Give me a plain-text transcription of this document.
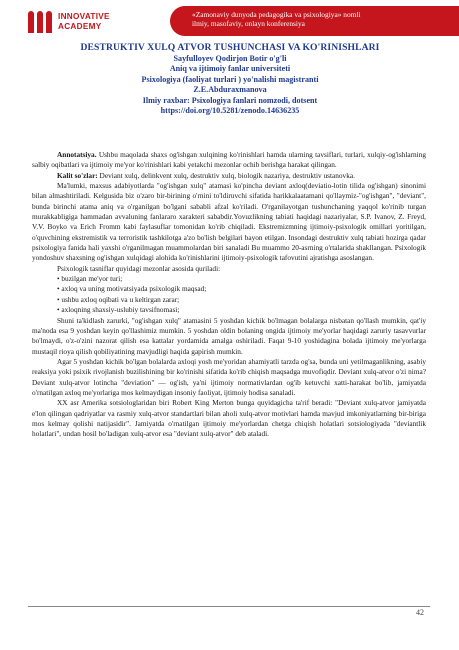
INNOVATIVE
ACADEMY
«Zamonaviy dunyoda pedagogika va psixologiya» nomli
ilmiy, masofaviy, onlayn konferensiya
DESTRUKTIV XULQ ATVOR TUSHUNCHASI VA KO'RINISHLARI
Sayfulloyev Qodirjon Botir o'g'li
Aniq va ijtimoiy fanlar universiteti
Psixologiya (faoliyat turlari ) yo'nalishi magistranti
Z.E.Abduraxmanova
Ilmiy raxbar: Psixologiya fanlari nomzodi, dotsent
https://doi.org/10.5281/zenodo.14636235

Annotatsiya. Ushbu maqolada shaxs og'ishgan xulqining ko'rinishlari hamda ularning tavsiflari, turlari, xulqiy-og'ishlarning salbiy oqibatlari va ijtimoiy me'yor ko'rinishlari kabi yetakchi mezonlar ochib berishga harakat qilingan.

Kalit so'zlar: Deviant xulq, delinkvent xulq, destruktiv xulq, biologik nazariya, destruktiv ustanovka.

Ma'lumki, maxsus adabiyotlarda "og'ishgan xulq" atamasi ko'pincha deviant axloq(deviatio-lotin tilida og'ishgan) sinonimi bilan almashtiriladi. Kelgusida biz o'zaro bir-birining o'rnini to'ldiruvchi sifatida harikkalaatamani qo'llaymiz-"og'ishgan", "deviant", bunda birinchi atama aniq va o'rganilgan bo'lgani sababli afzal ko'riladi. O'rganilayotgan tushunchaning yaqqol ko'rinib turgan murakkabligiga hammadan avvaluning fanlararo xarakteri sababdir.Yovuzlikning tabiati haqidagi nazariyalar, S.P. Ivanov, Z. Freyd, V.V. Boyko va Erich Fromm kabi faylasuflar tomonidan ko'rib chiqiladi. Ekstremizmning ijtimoiy-psixologik omillari yoritilgan, o'quvchining ekstremistik va terroristik tashkilotga a'zo bo'lish belgilari bayon etilgan. Insondagi destruktiv xulq tabiati hozirga qadar psixologiya fanida hali yaxshi o'rganilmagan muammolardan biri sanaladi Bu muammo 20-asrning o'rtalarida shakllangan. Psixologik yondoshuv shaxsning og'ishgan xulqidagi alohida ko'rinishlarini ijtimoiy-psixologik tafovutini ajratishga asoslangan.

Psixologik tasniflar quyidagi mezonlar asosida quriladi:

• buzilgan me'yor turi;

• axloq va uning motivatsiyada psixologik maqsad;

• ushbu axloq oqibati va u keltirgan zarar;

• axloqning shaxsiy-uslubiy tavsifnomasi;

Shuni ta'kidlash zarurki, "og'ishgan xulq" atamasini 5 yoshdan kichik bo'lmagan bolalarga nisbatan qo'llash mumkin, qat'iy ma'noda esa 9 yoshdan keyin qo'llashimiz mumkin. 5 yoshdan oldin bolaning ongida ijtimoiy me'yorlar haqidagi zaruriy tasavvurlar bo'lmaydi, o'z-o'zini nazorat qilish esa kattalar yordamida amalga oshiriladi. Faqat 9-10 yoshidagina bolada ijtimoiy me'yorlarga mustaqil rioya qilish qobiliyatining mavjudligi haqida gapirish mumkin.

Agar 5 yoshdan kichik bo'lgan bolalarda axloqi yosh me'yoridan ahamiyatli tarzda og'sa, bunda uni yetilmaganlikning, asabiy reaksiya yoki psixik rivojlanish buzilishining bir ko'rinishi sifatida ko'rib chiqish maqsadga muvofiqdir. Deviant xulq-atvor o'zi nima? Deviant xulq-atvor lotincha "deviation" — og'ish, ya'ni ijtimoiy normativlardan og'ib ketuvchi xatti-harakat bo'lib, jamiyatda o'rnatilgan axloq me'yorlariga mos kelmaydigan insoniy faoliyat, ijtimoiy hodisa sanaladi.

XX asr Amerika sotsiologlaridan biri Robert King Merton bunga quyidagicha ta'rif beradi: "Deviant xulq-atvor jamiyatda e'lon qilingan qadriyatlar va rasmiy xulq-atvor standartlari bilan aholi xulq-atvor motivlari hamda mavjud imkoniyatlarning bir-biriga mos kelmay qolishi natijasidir". Jamiyatda o'rnatilgan ijtimoiy me'yorlardan chetga chiqish holatlari sotsiologiyada "deviantlik holatlari", undan hosil bo'ladigan xulq-atvor esa "deviant xulq-atvor" deb ataladi.

42
